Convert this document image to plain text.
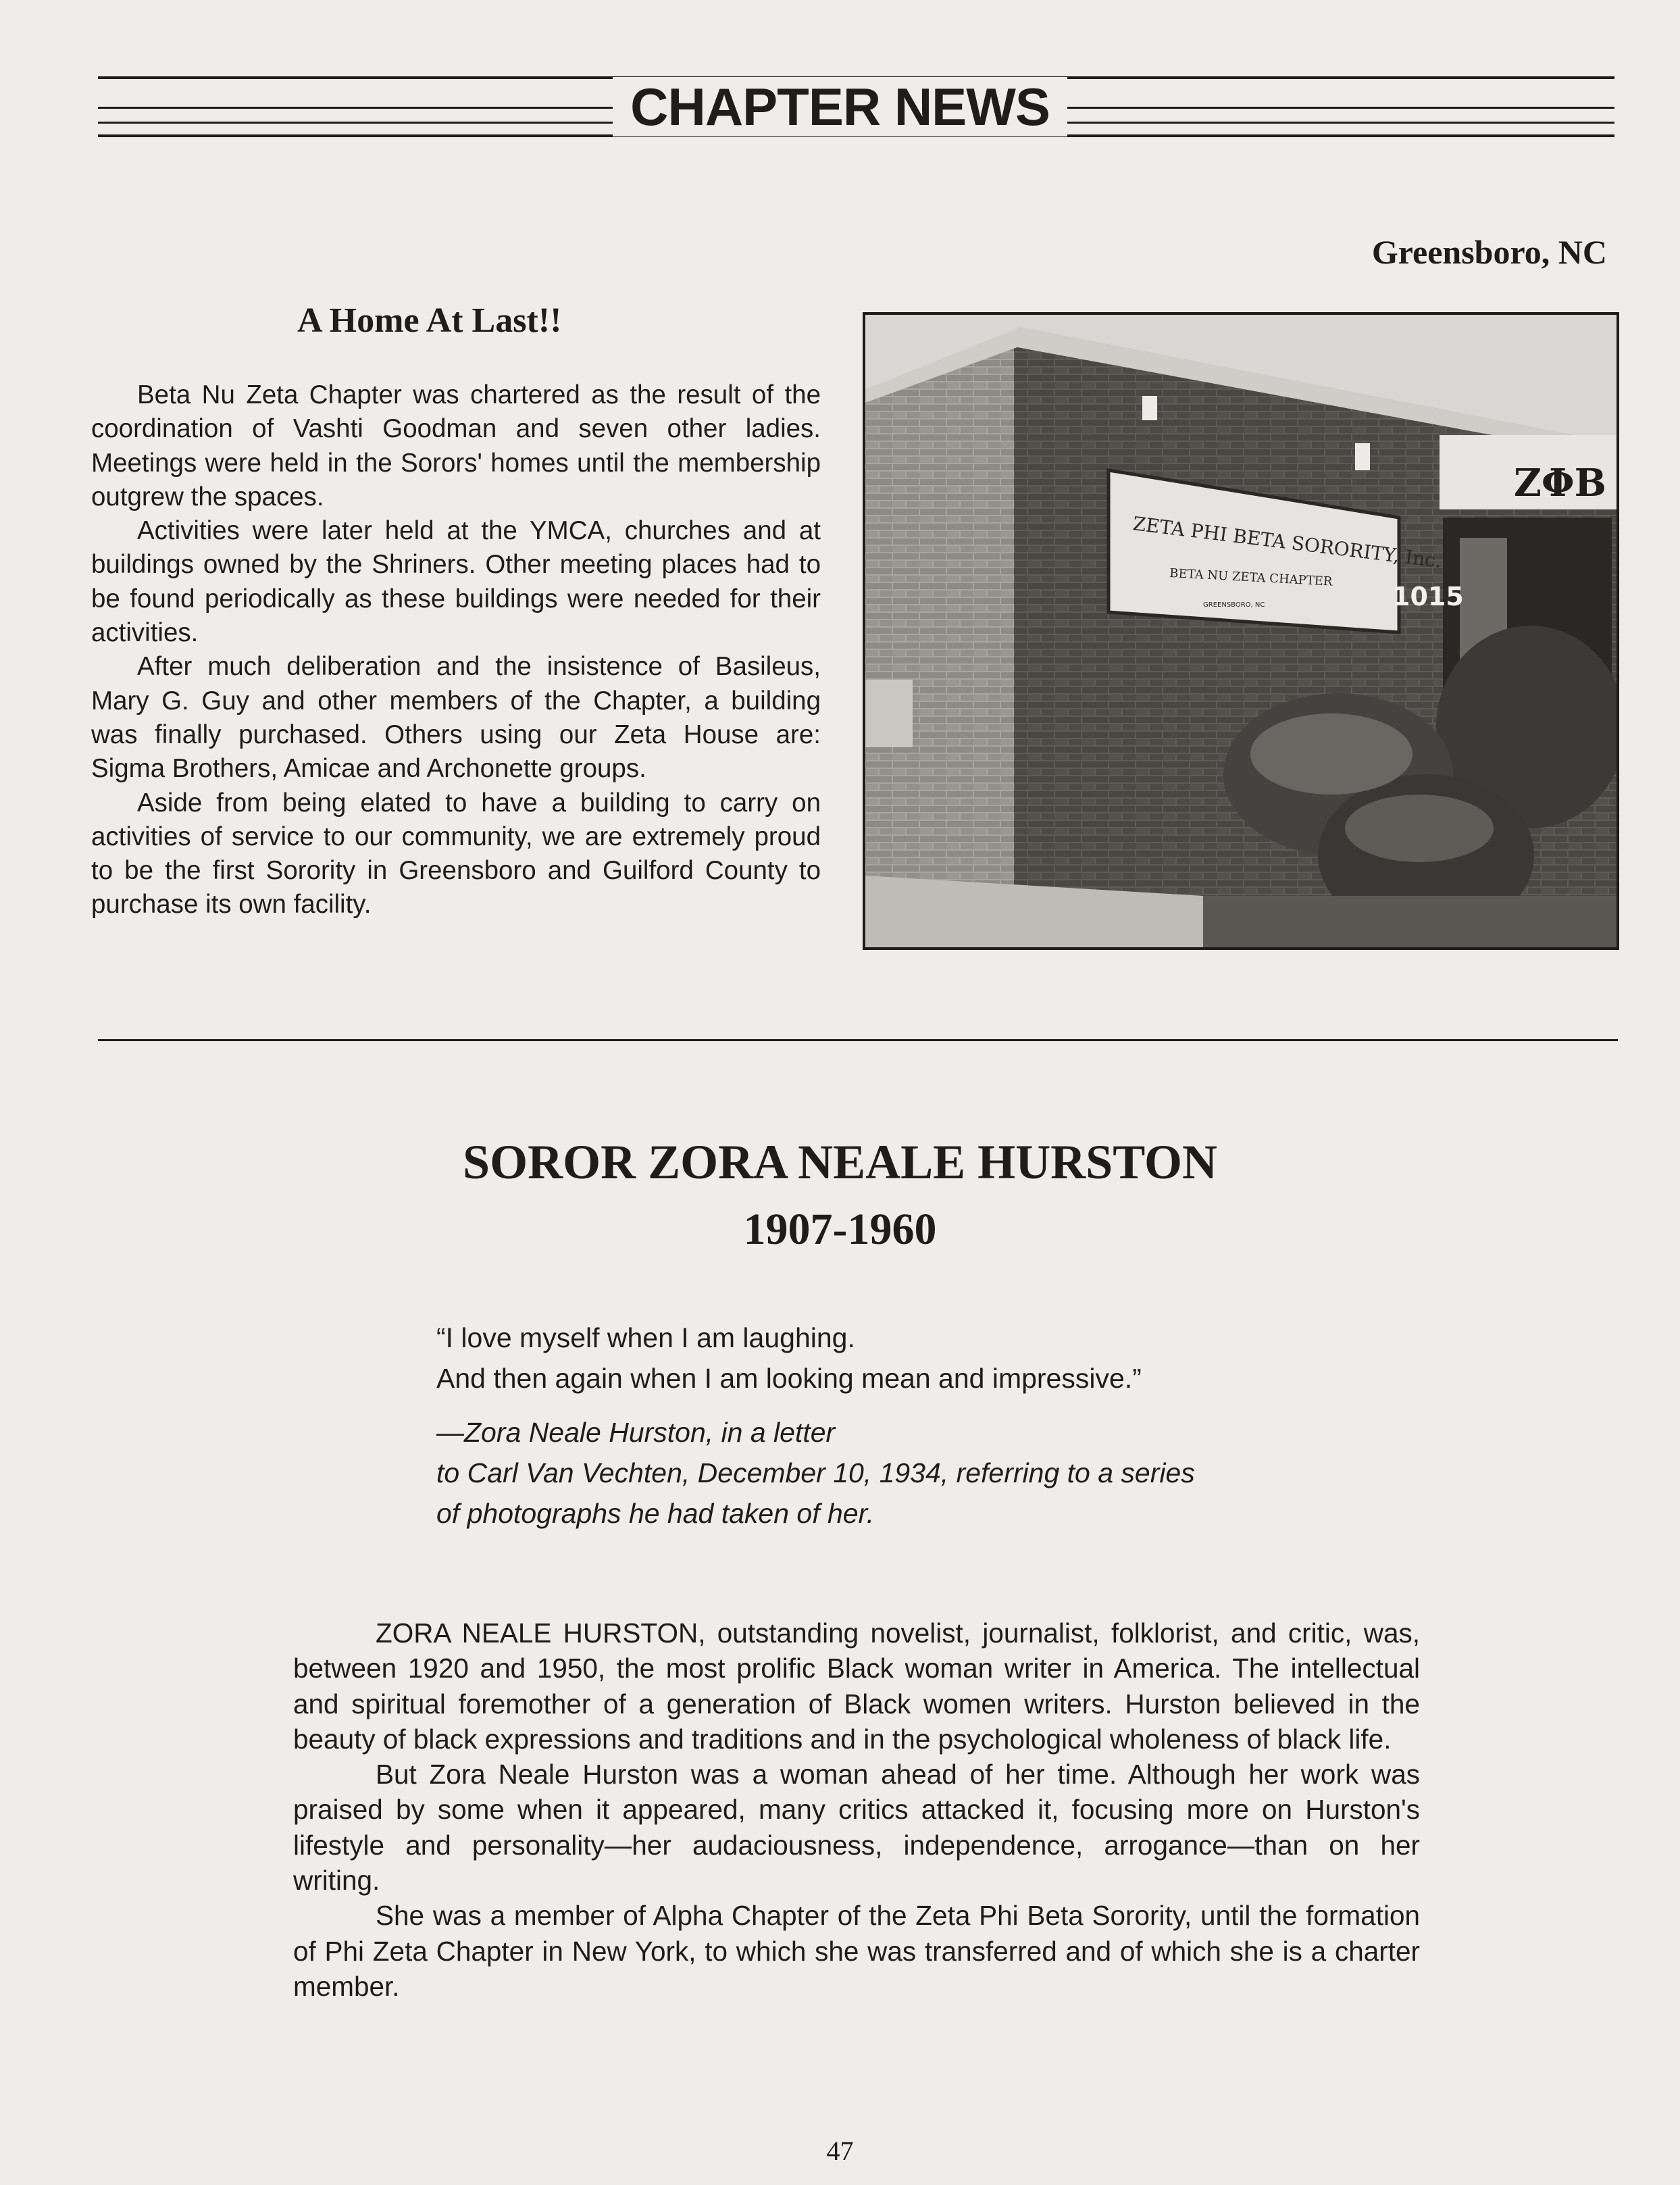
CHAPTER NEWS
Greensboro, NC
A Home At Last!!

Beta Nu Zeta Chapter was chartered as the result of the coordination of Vashti Goodman and seven other ladies. Meetings were held in the Sorors' homes until the membership outgrew the spaces.

Activities were later held at the YMCA, churches and at buildings owned by the Shriners. Other meeting places had to be found periodically as these buildings were needed for their activities.

After much deliberation and the insistence of Basileus, Mary G. Guy and other members of the Chapter, a building was finally purchased. Others using our Zeta House are: Sigma Brothers, Amicae and Archonette groups.

Aside from being elated to have a building to carry on activities of service to our community, we are extremely proud to be the first Sorority in Greensboro and Guilford County to purchase its own facility.

ZΦB
ZETA PHI BETA SORORITY, Inc.
BETA NU ZETA CHAPTER
GREENSBORO, NC	1015
SOROR ZORA NEALE HURSTON
1907-1960
“I love myself when I am laughing.
And then again when I am looking mean and impressive.”
—Zora Neale Hurston, in a letter
to Carl Van Vechten, December 10, 1934, referring to a series
of photographs he had taken of her.

ZORA NEALE HURSTON, outstanding novelist, journalist, folklorist, and critic, was, between 1920 and 1950, the most prolific Black woman writer in America. The intellectual and spiritual foremother of a generation of Black women writers. Hurston believed in the beauty of black expressions and traditions and in the psychological wholeness of black life.

But Zora Neale Hurston was a woman ahead of her time. Although her work was praised by some when it appeared, many critics attacked it, focusing more on Hurston's lifestyle and personality—her audaciousness, independence, arrogance—than on her writing.

She was a member of Alpha Chapter of the Zeta Phi Beta Sorority, until the formation of Phi Zeta Chapter in New York, to which she was transferred and of which she is a charter member.

47
